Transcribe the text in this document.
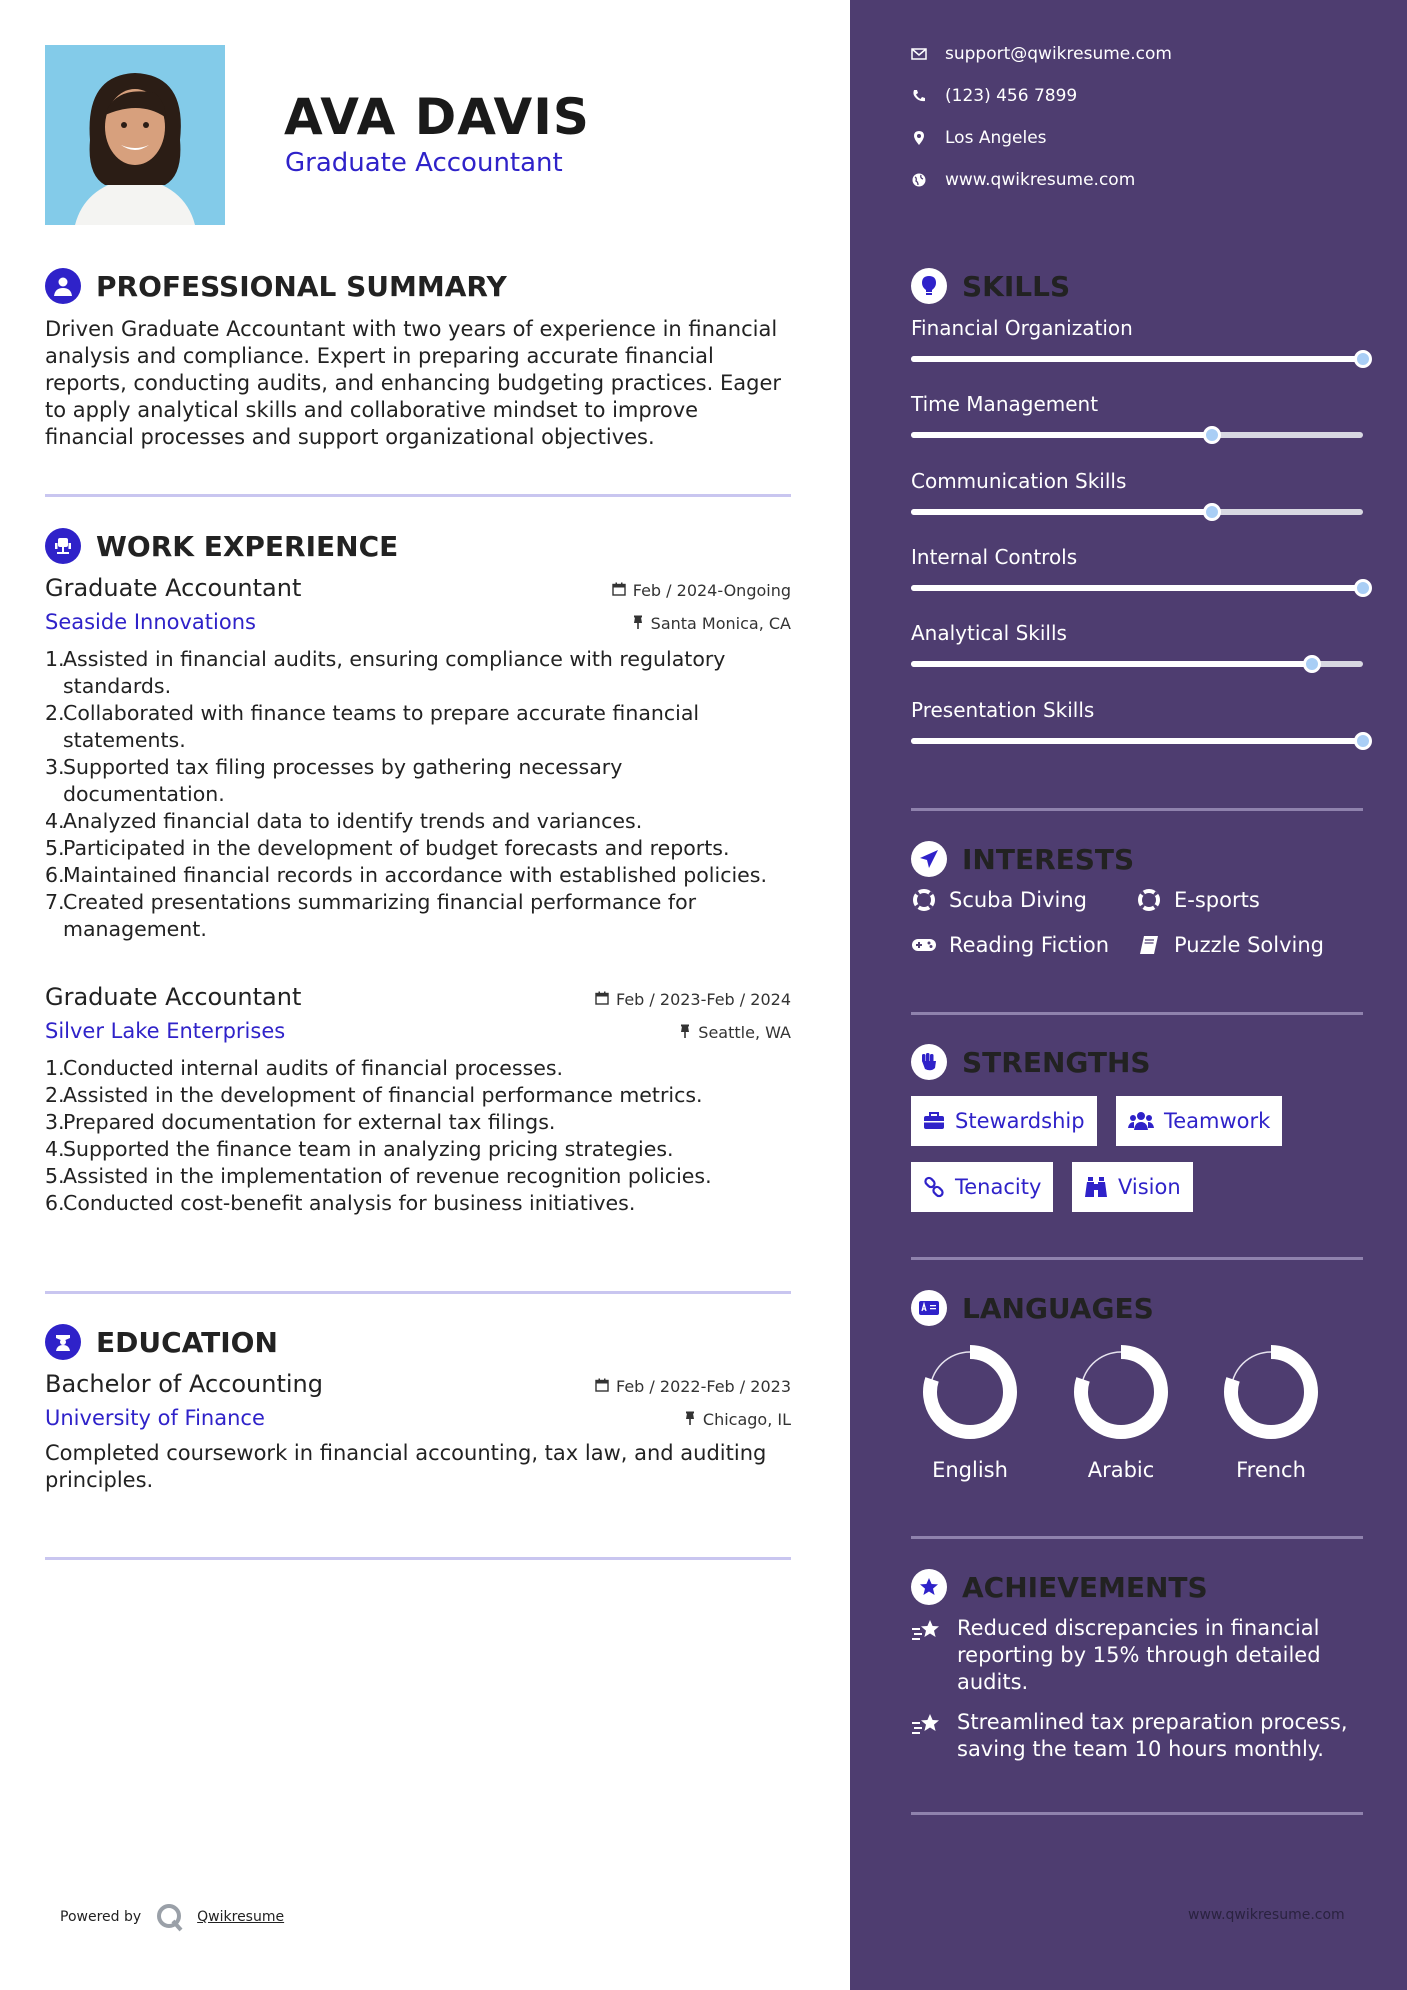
AVA DAVIS
Graduate Accountant
PROFESSIONAL SUMMARY
Driven Graduate Accountant with two years of experience in financial
analysis and compliance. Expert in preparing accurate financial
reports, conducting audits, and enhancing budgeting practices. Eager
to apply analytical skills and collaborative mindset to improve
financial processes and support organizational objectives.
WORK EXPERIENCE
Graduate Accountant	Feb / 2024-Ongoing
Seaside Innovations	Santa Monica, CA
1.
Assisted in financial audits, ensuring compliance with regulatory
standards.
2.
Collaborated with finance teams to prepare accurate financial
statements.
3.
Supported tax filing processes by gathering necessary
documentation.
4.
Analyzed financial data to identify trends and variances.
5.
Participated in the development of budget forecasts and reports.
6.
Maintained financial records in accordance with established policies.
7.
Created presentations summarizing financial performance for
management.
Graduate Accountant	Feb / 2023-Feb / 2024
Silver Lake Enterprises	Seattle, WA
1.
Conducted internal audits of financial processes.
2.
Assisted in the development of financial performance metrics.
3.
Prepared documentation for external tax filings.
4.
Supported the finance team in analyzing pricing strategies.
5.
Assisted in the implementation of revenue recognition policies.
6.
Conducted cost-benefit analysis for business initiatives.
EDUCATION
Bachelor of Accounting	Feb / 2022-Feb / 2023
University of Finance	Chicago, IL
Completed coursework in financial accounting, tax law, and auditing
principles.
Powered by	Qwikresume
support@qwikresume.com
(123) 456 7899
Los Angeles
www.qwikresume.com
SKILLS
Financial Organization
Time Management
Communication Skills
Internal Controls
Analytical Skills
Presentation Skills
INTERESTS
Scuba Diving	E-sports
Reading Fiction	Puzzle Solving
STRENGTHS
Stewardship	Teamwork
Tenacity	Vision
LANGUAGES
English	Arabic	French
ACHIEVEMENTS
Reduced discrepancies in financial
reporting by 15% through detailed
audits.
Streamlined tax preparation process,
saving the team 10 hours monthly.
www.qwikresume.com
